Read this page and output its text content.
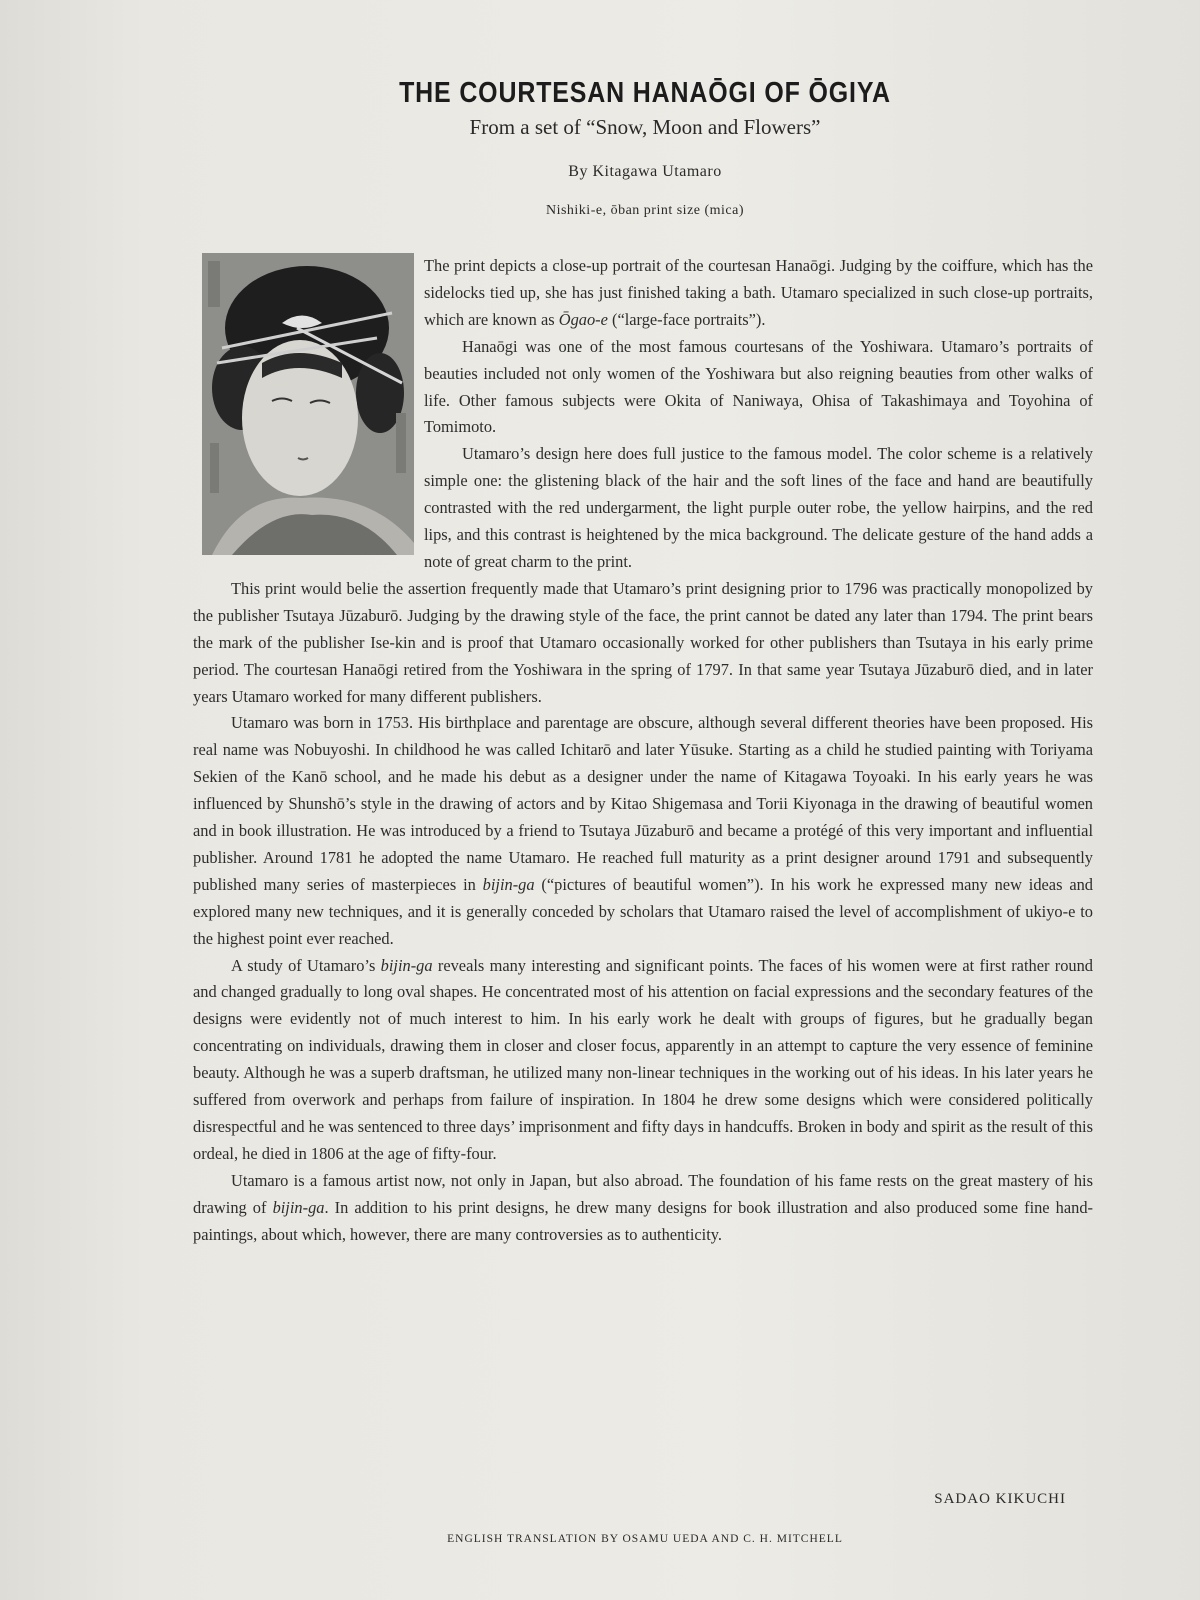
THE COURTESAN HANAŌGI OF ŌGIYA
From a set of “Snow, Moon and Flowers”
By Kitagawa Utamaro
Nishiki-e, ōban print size (mica)

The print depicts a close-up portrait of the courtesan Hanaōgi. Judging by the coiffure, which has the sidelocks tied up, she has just finished taking a bath. Utamaro specialized in such close-up portraits, which are known as Ōgao-e (“large-face portraits”).

Hanaōgi was one of the most famous courtesans of the Yoshiwara. Utamaro’s portraits of beauties included not only women of the Yoshiwara but also reigning beauties from other walks of life. Other famous subjects were Okita of Naniwaya, Ohisa of Takashimaya and Toyohina of Tomimoto.

Utamaro’s design here does full justice to the famous model. The color scheme is a relatively simple one: the glistening black of the hair and the soft lines of the face and hand are beautifully contrasted with the red undergarment, the light purple outer robe, the yellow hairpins, and the red lips, and this contrast is heightened by the mica background. The delicate gesture of the hand adds a note of great charm to the print.

This print would belie the assertion frequently made that Utamaro’s print designing prior to 1796 was practically monopolized by the publisher Tsutaya Jūzaburō. Judging by the drawing style of the face, the print cannot be dated any later than 1794. The print bears the mark of the publisher Ise-kin and is proof that Utamaro occasionally worked for other publishers than Tsutaya in his early prime period. The courtesan Hanaōgi retired from the Yoshiwara in the spring of 1797. In that same year Tsutaya Jūzaburō died, and in later years Utamaro worked for many different publishers.

Utamaro was born in 1753. His birthplace and parentage are obscure, although several different theories have been proposed. His real name was Nobuyoshi. In childhood he was called Ichitarō and later Yūsuke. Starting as a child he studied painting with Toriyama Sekien of the Kanō school, and he made his debut as a designer under the name of Kitagawa Toyoaki. In his early years he was influenced by Shunshō’s style in the drawing of actors and by Kitao Shigemasa and Torii Kiyonaga in the drawing of beautiful women and in book illustration. He was introduced by a friend to Tsutaya Jūzaburō and became a protégé of this very important and influential publisher. Around 1781 he adopted the name Utamaro. He reached full maturity as a print designer around 1791 and subsequently published many series of masterpieces in bijin-ga (“pictures of beautiful women”). In his work he expressed many new ideas and explored many new techniques, and it is generally conceded by scholars that Utamaro raised the level of accomplishment of ukiyo-e to the highest point ever reached.

A study of Utamaro’s bijin-ga reveals many interesting and significant points. The faces of his women were at first rather round and changed gradually to long oval shapes. He concentrated most of his attention on facial expressions and the secondary features of the designs were evidently not of much interest to him. In his early work he dealt with groups of figures, but he gradually began concentrating on individuals, drawing them in closer and closer focus, apparently in an attempt to capture the very essence of feminine beauty. Although he was a superb draftsman, he utilized many non-linear techniques in the working out of his ideas. In his later years he suffered from overwork and perhaps from failure of inspiration. In 1804 he drew some designs which were considered politically disrespectful and he was sentenced to three days’ imprisonment and fifty days in handcuffs. Broken in body and spirit as the result of this ordeal, he died in 1806 at the age of fifty-four.

Utamaro is a famous artist now, not only in Japan, but also abroad. The foundation of his fame rests on the great mastery of his drawing of bijin-ga. In addition to his print designs, he drew many designs for book illustration and also produced some fine hand-paintings, about which, however, there are many controversies as to authenticity.

SADAO KIKUCHI
ENGLISH TRANSLATION BY OSAMU UEDA AND C. H. MITCHELL
